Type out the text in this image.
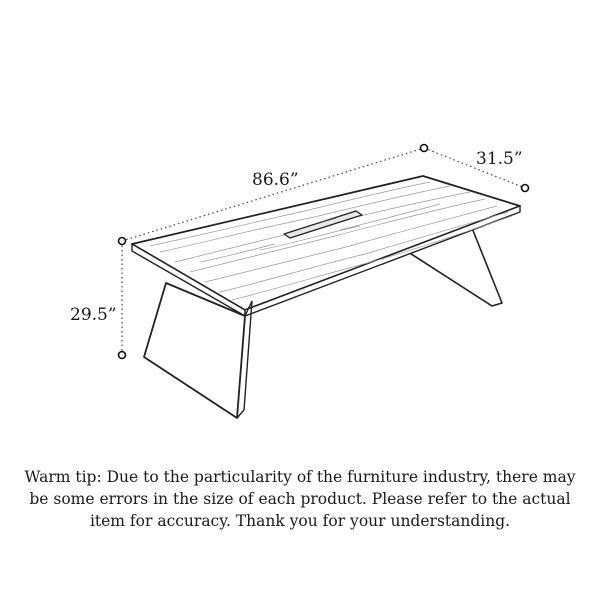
86.6”
31.5”
29.5”

Warm tip: Due to the particularity of the furniture industry, there may be some errors in the size of each product. Please refer to the actual item for accuracy. Thank you for your understanding.
